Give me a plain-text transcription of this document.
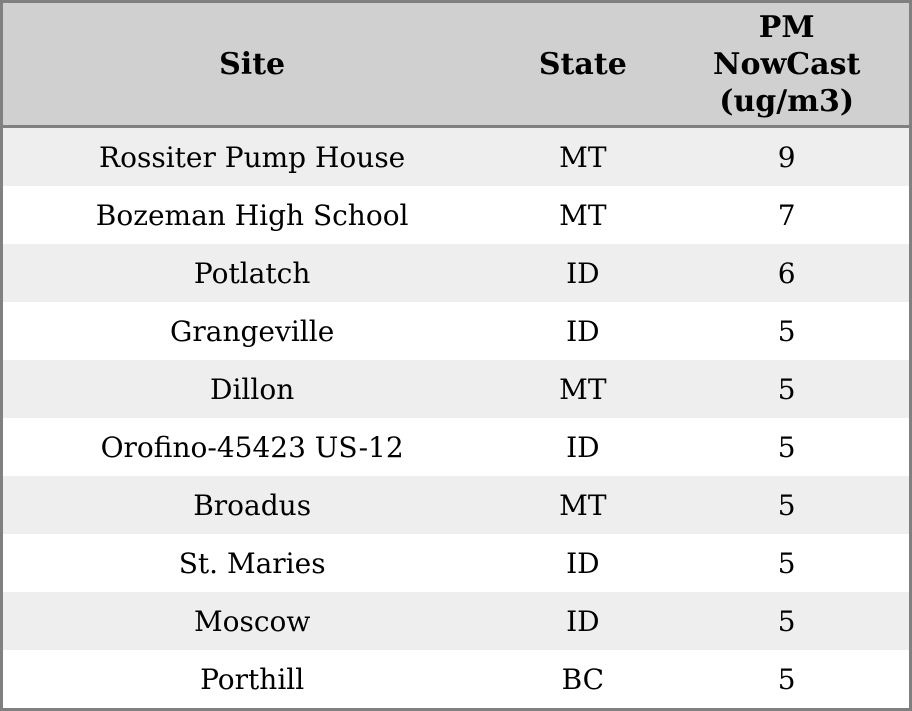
Site	State	PM NowCast (ug/m3)
Rossiter Pump House	MT	9
Bozeman High School	MT	7
Potlatch	ID	6
Grangeville	ID	5
Dillon	MT	5
Orofino-45423 US-12	ID	5
Broadus	MT	5
St. Maries	ID	5
Moscow	ID	5
Porthill	BC	5
